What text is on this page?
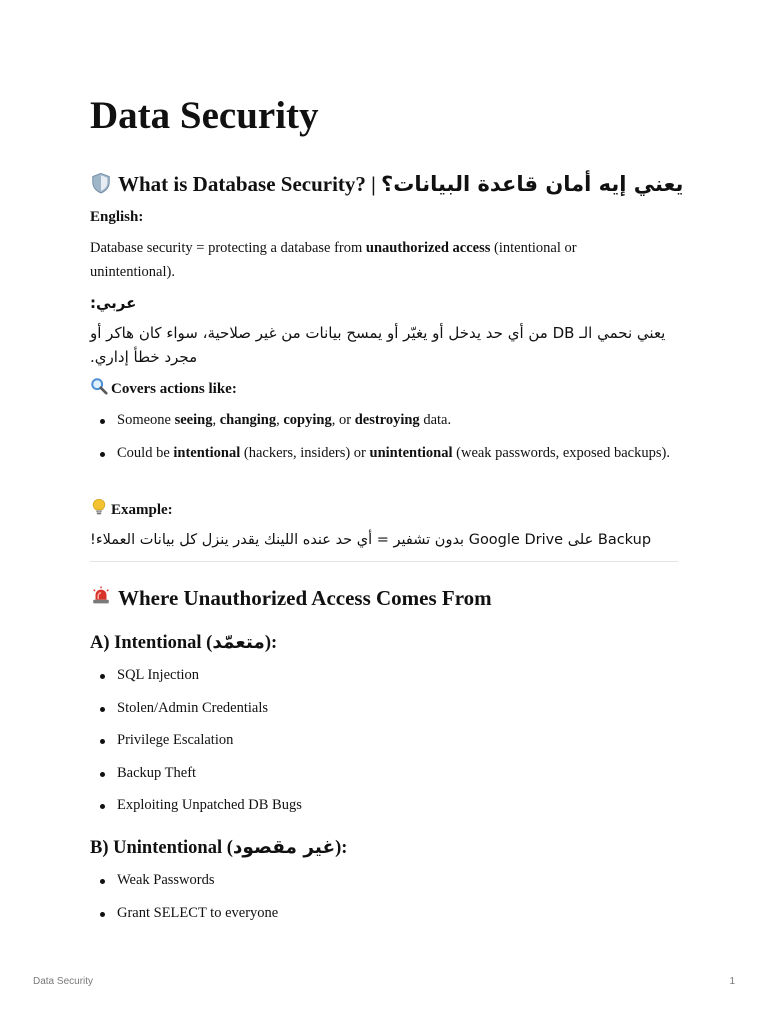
Data Security
What is Database Security? | يعني إيه أمان قاعدة البيانات؟
English:

Database security = protecting a database from unauthorized access (intentional or unintentional).

عربي:

يعني نحمي الـ DB من أي حد يدخل أو يغيّر أو يمسح بيانات من غير صلاحية، سواء كان هاكر أو مجرد خطأ إداري.

Covers actions like:
Someone seeing, changing, copying, or destroying data.
Could be intentional (hackers, insiders) or unintentional (weak passwords, exposed backups).
Example:

Backup على Google Drive بدون تشفير = أي حد عنده اللينك يقدر ينزل كل بيانات العملاء!

Where Unauthorized Access Comes From
A) Intentional (متعمّد):
SQL Injection
Stolen/Admin Credentials
Privilege Escalation
Backup Theft
Exploiting Unpatched DB Bugs
B) Unintentional (غير مقصود):
Weak Passwords
Grant SELECT to everyone
Data Security	1
